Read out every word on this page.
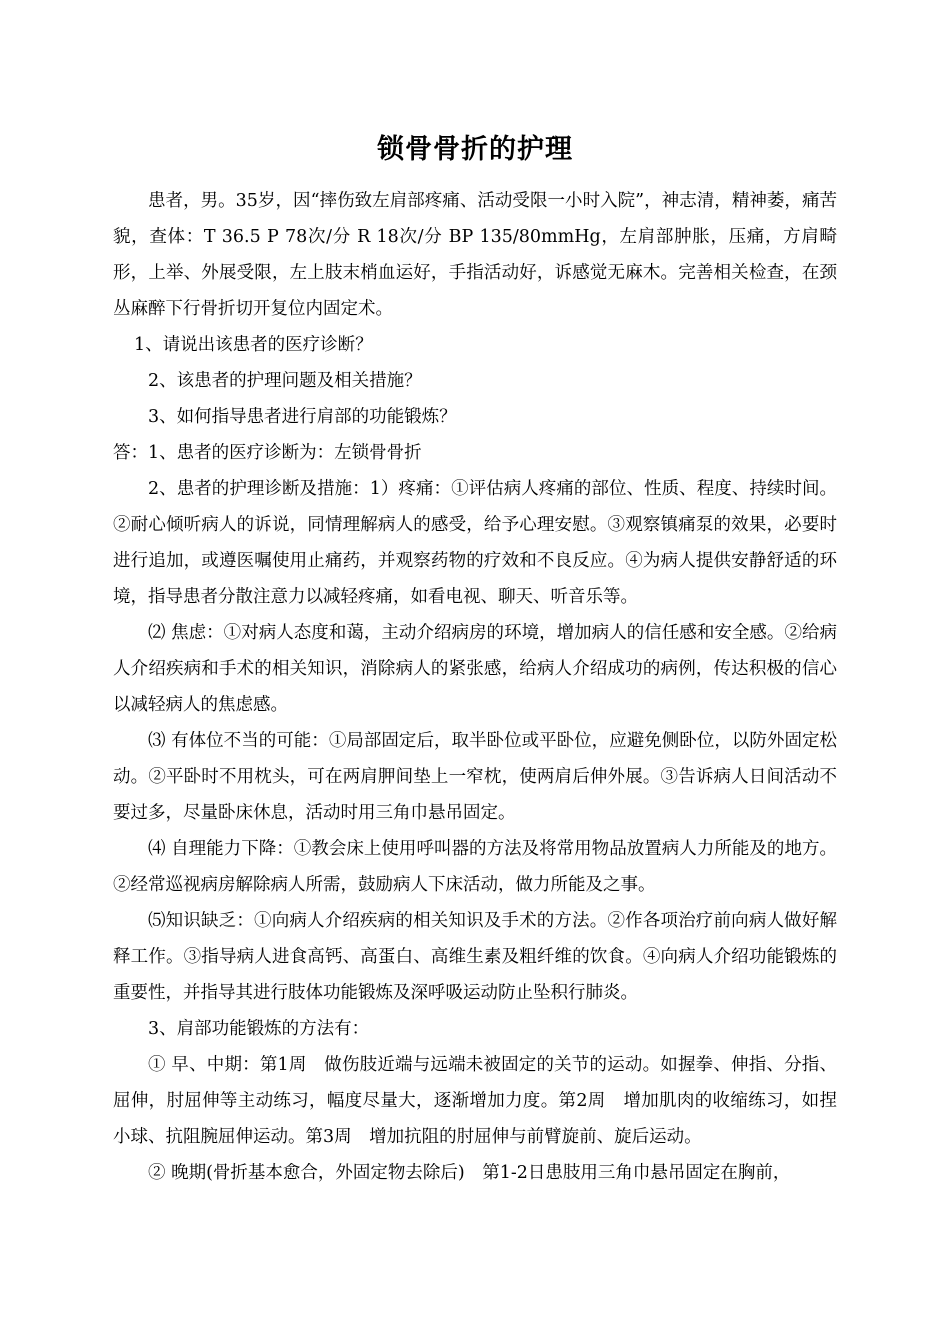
锁骨骨折的护理

患者，男。35岁，因“摔伤致左肩部疼痛、活动受限一小时入院”，神志清，精神萎，痛苦貌，查体：T 36.5 P 78次/分 R 18次/分 BP 135/80mmHg，左肩部肿胀，压痛，方肩畸形，上举、外展受限，左上肢末梢血运好，手指活动好，诉感觉无麻木。完善相关检查，在颈丛麻醉下行骨折切开复位内固定术。

1、请说出该患者的医疗诊断？

2、该患者的护理问题及相关措施？

3、如何指导患者进行肩部的功能锻炼？

答：1、患者的医疗诊断为：左锁骨骨折

2、患者的护理诊断及措施：1）疼痛：①评估病人疼痛的部位、性质、程度、持续时间。②耐心倾听病人的诉说，同情理解病人的感受，给予心理安慰。③观察镇痛泵的效果，必要时进行追加，或遵医嘱使用止痛药，并观察药物的疗效和不良反应。④为病人提供安静舒适的环境，指导患者分散注意力以减轻疼痛，如看电视、聊天、听音乐等。

⑵ 焦虑：①对病人态度和蔼，主动介绍病房的环境，增加病人的信任感和安全感。②给病人介绍疾病和手术的相关知识，消除病人的紧张感，给病人介绍成功的病例，传达积极的信心以减轻病人的焦虑感。

⑶ 有体位不当的可能：①局部固定后，取半卧位或平卧位，应避免侧卧位，以防外固定松动。②平卧时不用枕头，可在两肩胛间垫上一窄枕，使两肩后伸外展。③告诉病人日间活动不要过多，尽量卧床休息，活动时用三角巾悬吊固定。

⑷ 自理能力下降：①教会床上使用呼叫器的方法及将常用物品放置病人力所能及的地方。②经常巡视病房解除病人所需，鼓励病人下床活动，做力所能及之事。

⑸知识缺乏：①向病人介绍疾病的相关知识及手术的方法。②作各项治疗前向病人做好解释工作。③指导病人进食高钙、高蛋白、高维生素及粗纤维的饮食。④向病人介绍功能锻炼的重要性，并指导其进行肢体功能锻炼及深呼吸运动防止坠积行肺炎。

3、肩部功能锻炼的方法有：

① 早、中期：第1周　做伤肢近端与远端未被固定的关节的运动。如握拳、伸指、分指、屈伸，肘屈伸等主动练习，幅度尽量大，逐渐增加力度。第2周　增加肌肉的收缩练习，如捏小球、抗阻腕屈伸运动。第3周　增加抗阻的肘屈伸与前臂旋前、旋后运动。

② 晚期(骨折基本愈合，外固定物去除后)　第1-2日患肢用三角巾悬吊固定在胸前，
